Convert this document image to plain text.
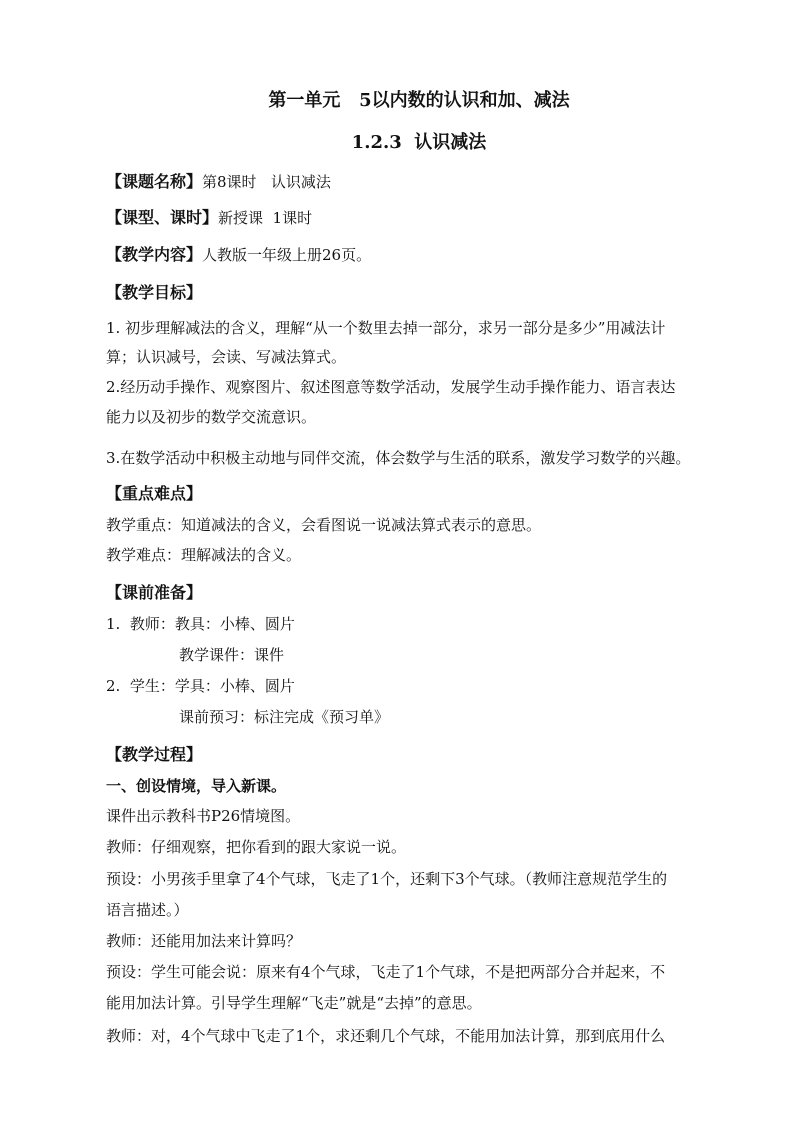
第一单元   5以内数的认识和加、减法
1.2.3  认识减法
【课题名称】第8课时   认识减法
【课型、课时】新授课  1课时
【教学内容】人教版一年级上册26页。
【教学目标】
1. 初步理解减法的含义，理解“从一个数里去掉一部分，求另一部分是多少”用减法计
算；认识减号，会读、写减法算式。
2.经历动手操作、观察图片、叙述图意等数学活动，发展学生动手操作能力、语言表达
能力以及初步的数学交流意识。
3.在数学活动中积极主动地与同伴交流，体会数学与生活的联系，激发学习数学的兴趣。
【重点难点】
教学重点：知道减法的含义，会看图说一说减法算式表示的意思。
教学难点：理解减法的含义。
【课前准备】
1.  教师：教具：小棒、圆片
教学课件：课件
2.  学生：学具：小棒、圆片
课前预习：标注完成《预习单》
【教学过程】
一、创设情境，导入新课。
课件出示教科书P26情境图。
教师：仔细观察，把你看到的跟大家说一说。
预设：小男孩手里拿了4个气球，飞走了1个，还剩下3个气球。（教师注意规范学生的
语言描述。）
教师：还能用加法来计算吗？
预设：学生可能会说：原来有4个气球，飞走了1个气球，不是把两部分合并起来，不
能用加法计算。引导学生理解“飞走”就是“去掉”的意思。
教师：对，4个气球中飞走了1个，求还剩几个气球，不能用加法计算，那到底用什么
